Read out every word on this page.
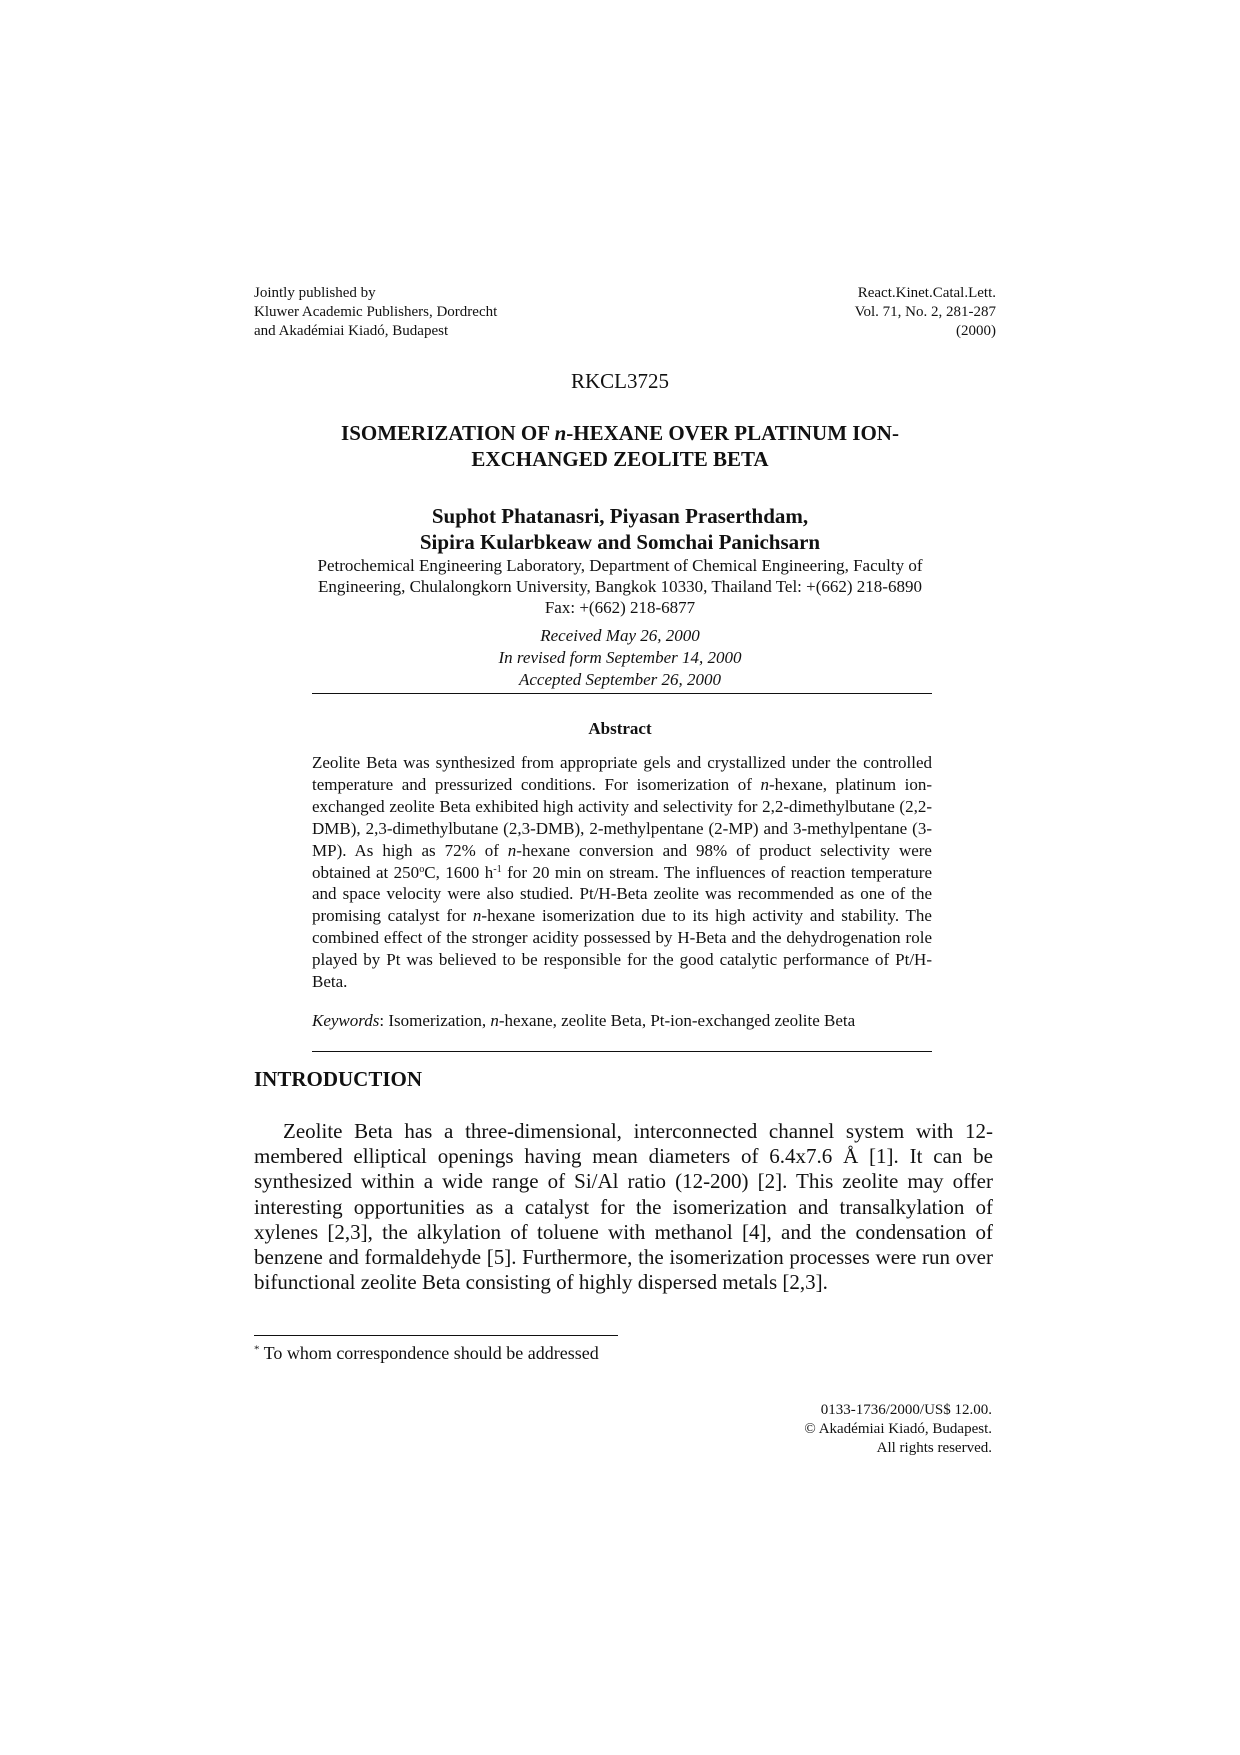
Jointly published by
Kluwer Academic Publishers, Dordrecht
and Akadémiai Kiadó, Budapest
React.Kinet.Catal.Lett.
Vol. 71, No. 2, 281-287
(2000)
RKCL3725
ISOMERIZATION OF n-HEXANE OVER PLATINUM ION-EXCHANGED ZEOLITE BETA
Suphot Phatanasri, Piyasan Praserthdam,
Sipira Kularbkeaw and Somchai Panichsarn
Petrochemical Engineering Laboratory, Department of Chemical Engineering, Faculty of
Engineering, Chulalongkorn University, Bangkok 10330, Thailand Tel: +(662) 218-6890
Fax: +(662) 218-6877
Received May 26, 2000
In revised form September 14, 2000
Accepted September 26, 2000
Abstract
Zeolite Beta was synthesized from appropriate gels and crystallized under the controlled temperature and pressurized conditions. For isomerization of n-hexane, platinum ion-exchanged zeolite Beta exhibited high activity and selectivity for 2,2-dimethylbutane (2,2-DMB), 2,3-dimethylbutane (2,3-DMB), 2-methylpentane (2-MP) and 3-methylpentane (3-MP). As high as 72% of n-hexane conversion and 98% of product selectivity were obtained at 250$^o$C, 1600 $h^{-1}$ for 20 min on stream. The influences of reaction temperature and space velocity were also studied. Pt/H-Beta zeolite was recommended as one of the promising catalyst for n-hexane isomerization due to its high activity and stability. The combined effect of the stronger acidity possessed by H-Beta and the dehydrogenation role played by Pt was believed to be responsible for the good catalytic performance of Pt/H-Beta.
Keywords: Isomerization, n-hexane, zeolite Beta, Pt-ion-exchanged zeolite Beta
INTRODUCTION

Zeolite Beta has a three-dimensional, interconnected channel system with 12-membered elliptical openings having mean diameters of 6.4x7.6 Å [1]. It can be synthesized within a wide range of Si/Al ratio (12-200) [2]. This zeolite may offer interesting opportunities as a catalyst for the isomerization and transalkylation of xylenes [2,3], the alkylation of toluene with methanol [4], and the condensation of benzene and formaldehyde [5]. Furthermore, the isomerization processes were run over bifunctional zeolite Beta consisting of highly dispersed metals [2,3].

* To whom correspondence should be addressed
0133-1736/2000/US$ 12.00.
© Akadémiai Kiadó, Budapest.
All rights reserved.
